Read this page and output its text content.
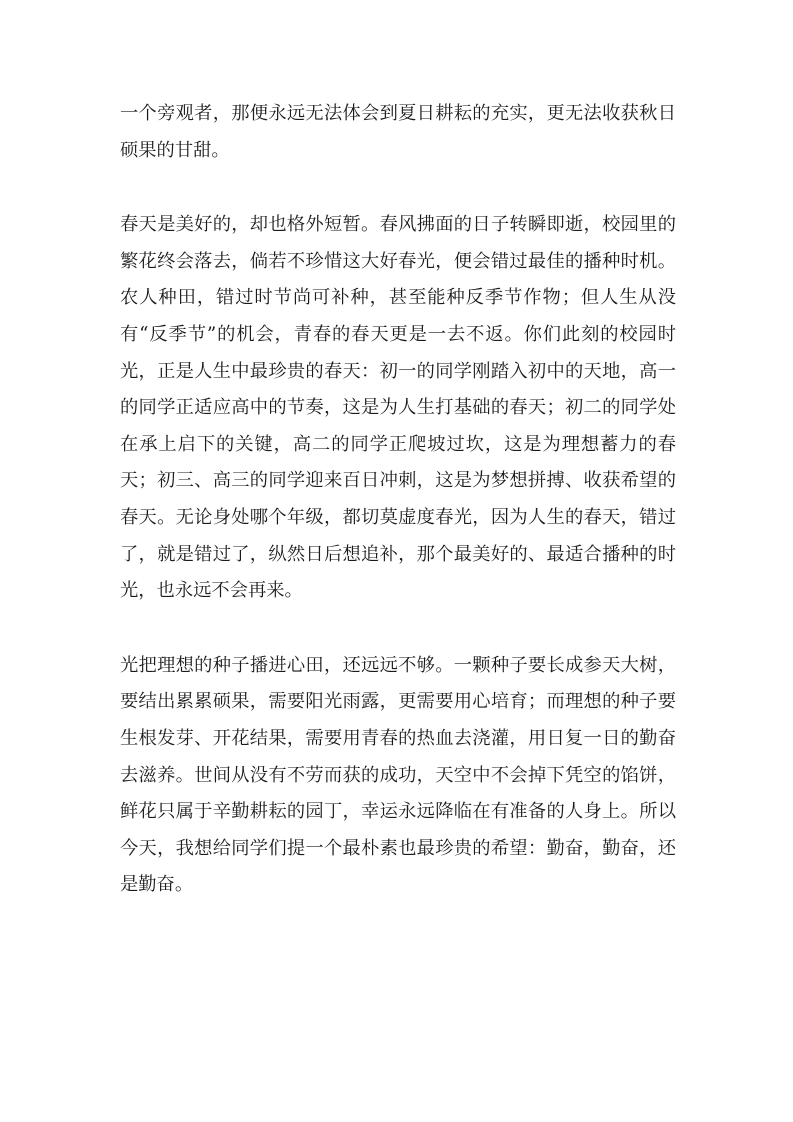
一个旁观者，那便永远无法体会到夏日耕耘的充实，更无法收获秋日硕果的甘甜。

春天是美好的，却也格外短暂。春风拂面的日子转瞬即逝，校园里的繁花终会落去，倘若不珍惜这大好春光，便会错过最佳的播种时机。农人种田，错过时节尚可补种，甚至能种反季节作物；但人生从没有“反季节”的机会，青春的春天更是一去不返。你们此刻的校园时光，正是人生中最珍贵的春天：初一的同学刚踏入初中的天地，高一的同学正适应高中的节奏，这是为人生打基础的春天；初二的同学处在承上启下的关键，高二的同学正爬坡过坎，这是为理想蓄力的春天；初三、高三的同学迎来百日冲刺，这是为梦想拼搏、收获希望的春天。无论身处哪个年级，都切莫虚度春光，因为人生的春天，错过了，就是错过了，纵然日后想追补，那个最美好的、最适合播种的时光，也永远不会再来。

光把理想的种子播进心田，还远远不够。一颗种子要长成参天大树，要结出累累硕果，需要阳光雨露，更需要用心培育；而理想的种子要生根发芽、开花结果，需要用青春的热血去浇灌，用日复一日的勤奋去滋养。世间从没有不劳而获的成功，天空中不会掉下凭空的馅饼，鲜花只属于辛勤耕耘的园丁，幸运永远降临在有准备的人身上。所以今天，我想给同学们提一个最朴素也最珍贵的希望：勤奋，勤奋，还是勤奋。
